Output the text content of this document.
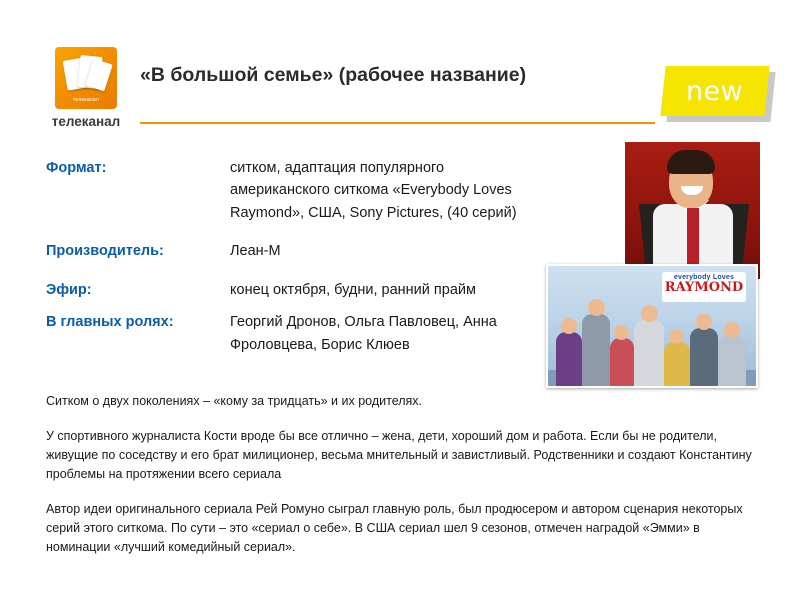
телеканал
телеканал
«В большой семье» (рабочее название)
new
Формат:	ситком, адаптация популярного американского ситкома «Everybody Loves Raymond», США, Sony Pictures, (40 серий)
Производитель:	Леан-М
Эфир:	конец октября, будни, ранний прайм
В главных ролях:	Георгий Дронов, Ольга Павловец, Анна Фроловцева, Борис Клюев
everybody Loves
RAYMOND

Ситком о двух поколениях – «кому за тридцать» и их родителях.

У спортивного журналиста Кости вроде бы все отлично – жена, дети, хороший дом и работа. Если бы не родители, живущие по соседству и его брат милиционер, весьма мнительный и завистливый. Родственники и создают Константину проблемы на протяжении всего сериала

Автор идеи оригинального сериала Рей Ромуно сыграл главную роль, был продюсером и автором сценария некоторых серий этого ситкома. По сути – это «сериал о себе». В США сериал шел 9 сезонов, отмечен наградой «Эмми» в номинации «лучший комедийный сериал».
